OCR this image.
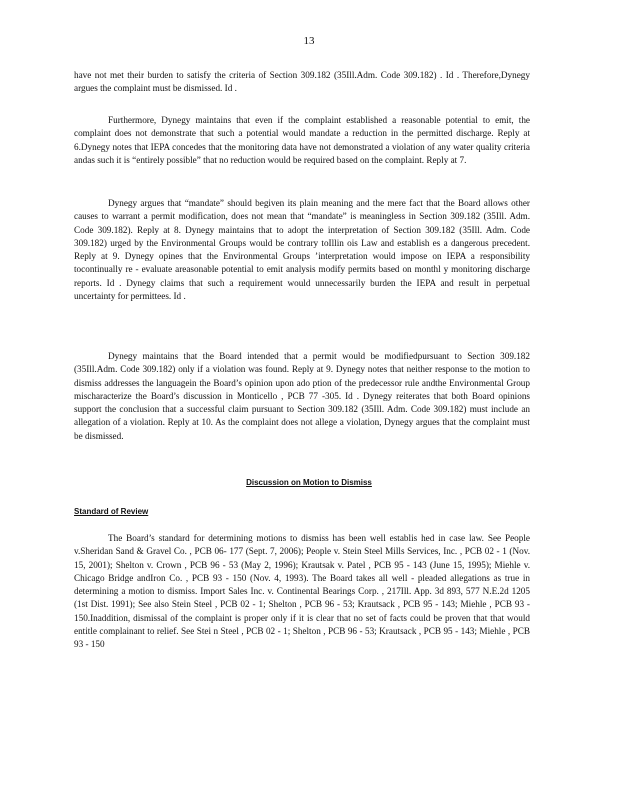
13

have not met their burden to satisfy the criteria of Section 309.182 (35Ill.Adm. Code 309.182) . Id . Therefore,Dynegy argues the complaint must be dismissed. Id .

Furthermore, Dynegy maintains that even if the complaint established a reasonable potential to emit, the complaint does not demonstrate that such a potential would mandate a reduction in the permitted discharge. Reply at 6.Dynegy notes that IEPA concedes that the monitoring data have not demonstrated a violation of any water quality criteria andas such it is “entirely possible” that no reduction would be required based on the complaint. Reply at 7.

Dynegy argues that “mandate” should begiven its plain meaning and the mere fact that the Board allows other causes to warrant a permit modification, does not mean that “mandate” is meaningless in Section 309.182 (35Ill. Adm. Code 309.182). Reply at 8. Dynegy maintains that to adopt the interpretation of Section 309.182 (35Ill. Adm. Code 309.182) urged by the Environmental Groups would be contrary toIllin ois Law and establish es a dangerous precedent. Reply at 9. Dynegy opines that the Environmental Groups ’interpretation would impose on IEPA a responsibility tocontinually re - evaluate areasonable potential to emit analysis modify permits based on monthl y monitoring discharge reports. Id . Dynegy claims that such a requirement would unnecessarily burden the IEPA and result in perpetual uncertainty for permittees. Id .

Dynegy maintains that the Board intended that a permit would be modifiedpursuant to Section 309.182 (35Ill.Adm. Code 309.182) only if a violation was found. Reply at 9. Dynegy notes that neither response to the motion to dismiss addresses the languagein the Board’s opinion upon ado ption of the predecessor rule andthe Environmental Group mischaracterize the Board’s discussion in Monticello , PCB 77 -305. Id . Dynegy reiterates that both Board opinions support the conclusion that a successful claim pursuant to Section 309.182 (35Ill. Adm. Code 309.182) must include an allegation of a violation. Reply at 10. As the complaint does not allege a violation, Dynegy argues that the complaint must be dismissed.

Discussion on Motion to Dismiss
Standard of Review

The Board’s standard for determining motions to dismiss has been well establis hed in case law. See People v.Sheridan Sand & Gravel Co. , PCB 06- 177 (Sept. 7, 2006); People v. Stein Steel Mills Services, Inc. , PCB 02 - 1 (Nov. 15, 2001); Shelton v. Crown , PCB 96 - 53 (May 2, 1996); Krautsak v. Patel , PCB 95 - 143 (June 15, 1995); Miehle v. Chicago Bridge andIron Co. , PCB 93 - 150 (Nov. 4, 1993). The Board takes all well - pleaded allegations as true in determining a motion to dismiss. Import Sales Inc. v. Continental Bearings Corp. , 217Ill. App. 3d 893, 577 N.E.2d 1205 (1st Dist. 1991); See also Stein Steel , PCB 02 - 1; Shelton , PCB 96 - 53; Krautsack , PCB 95 - 143; Miehle , PCB 93 - 150.Inaddition, dismissal of the complaint is proper only if it is clear that no set of facts could be proven that that would entitle complainant to relief. See Stei n Steel , PCB 02 - 1; Shelton , PCB 96 - 53; Krautsack , PCB 95 - 143; Miehle , PCB 93 - 150
